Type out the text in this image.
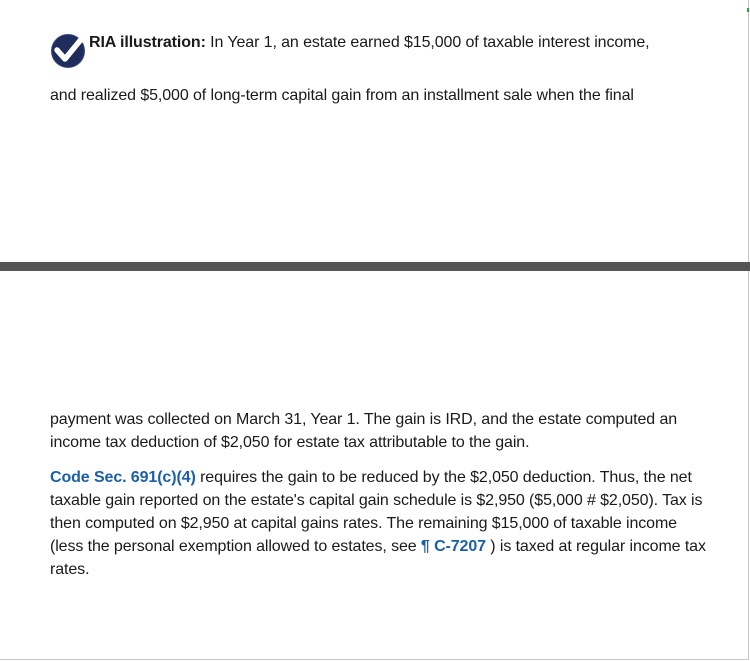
RIA illustration: In Year 1, an estate earned $15,000 of taxable interest income,
and realized $5,000 of long-term capital gain from an installment sale when the final

payment was collected on March 31, Year 1. The gain is IRD, and the estate computed an income tax deduction of $2,050 for estate tax attributable to the gain.

Code Sec. 691(c)(4) requires the gain to be reduced by the $2,050 deduction. Thus, the net taxable gain reported on the estate's capital gain schedule is $2,950 ($5,000 # $2,050). Tax is then computed on $2,950 at capital gains rates. The remaining $15,000 of taxable income (less the personal exemption allowed to estates, see ¶ C-7207 ) is taxed at regular income tax rates.
